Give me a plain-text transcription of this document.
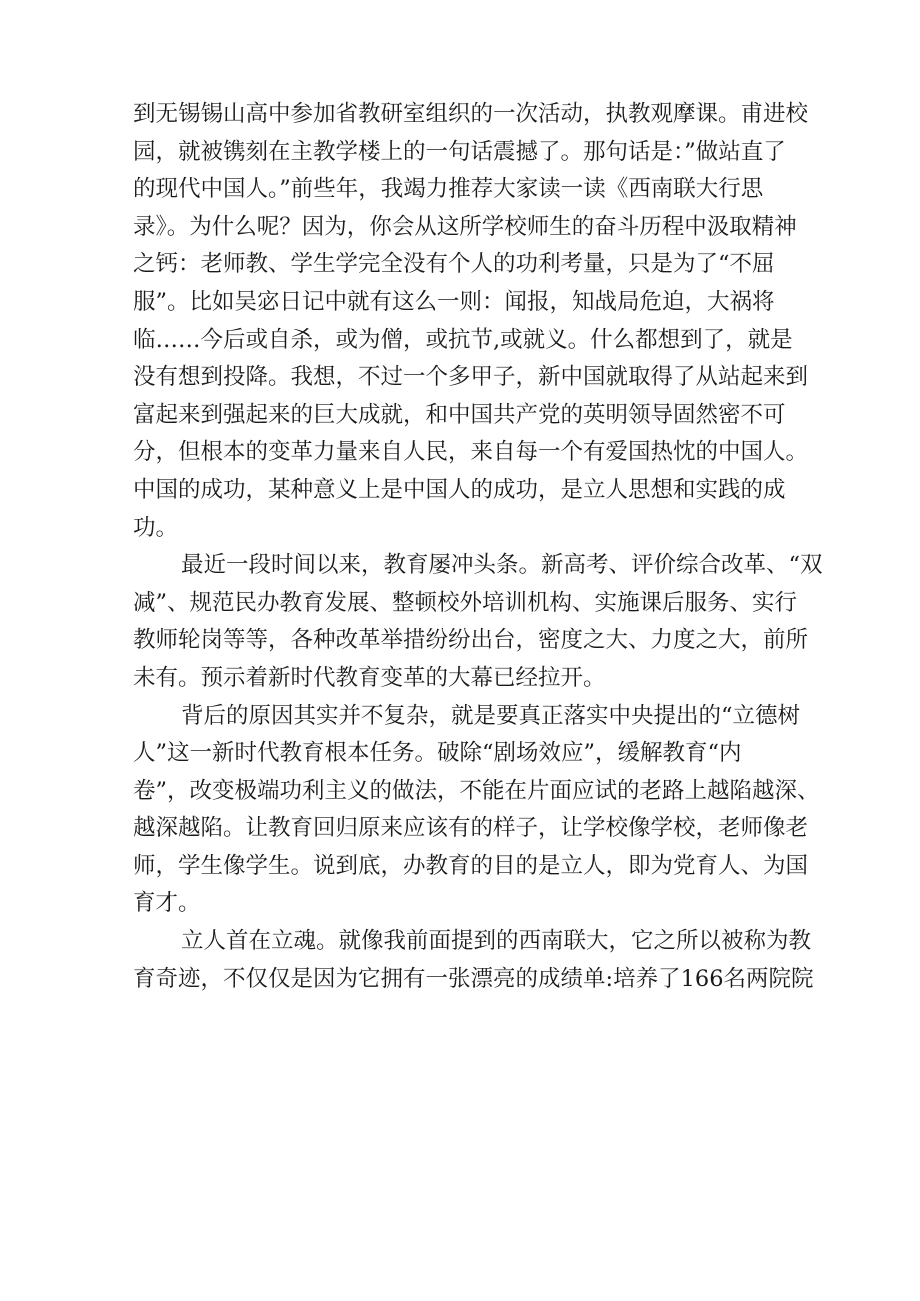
到无锡锡山高中参加省教研室组织的一次活动，执教观摩课。甫进校
园，就被镌刻在主教学楼上的一句话震撼了。那句话是：”做站直了
的现代中国人。”前些年，我竭力推荐大家读一读《西南联大行思
录》。为什么呢？因为，你会从这所学校师生的奋斗历程中汲取精神
之钙：老师教、学生学完全没有个人的功利考量，只是为了“不屈
服”。比如吴宓日记中就有这么一则：闻报，知战局危迫，大祸将
临……今后或自杀，或为僧，或抗节,或就义。什么都想到了，就是
没有想到投降。我想，不过一个多甲子，新中国就取得了从站起来到
富起来到强起来的巨大成就，和中国共产党的英明领导固然密不可
分，但根本的变革力量来自人民，来自每一个有爱国热忱的中国人。
中国的成功，某种意义上是中国人的成功，是立人思想和实践的成
功。
最近一段时间以来，教育屡冲头条。新高考、评价综合改革、“双
减”、规范民办教育发展、整顿校外培训机构、实施课后服务、实行
教师轮岗等等，各种改革举措纷纷出台，密度之大、力度之大，前所
未有。预示着新时代教育变革的大幕已经拉开。
背后的原因其实并不复杂，就是要真正落实中央提出的“立德树
人”这一新时代教育根本任务。破除“剧场效应”，缓解教育“内
卷”，改变极端功利主义的做法，不能在片面应试的老路上越陷越深、
越深越陷。让教育回归原来应该有的样子，让学校像学校，老师像老
师，学生像学生。说到底，办教育的目的是立人，即为党育人、为国
育才。
立人首在立魂。就像我前面提到的西南联大，它之所以被称为教
育奇迹，不仅仅是因为它拥有一张漂亮的成绩单:培养了166名两院院
